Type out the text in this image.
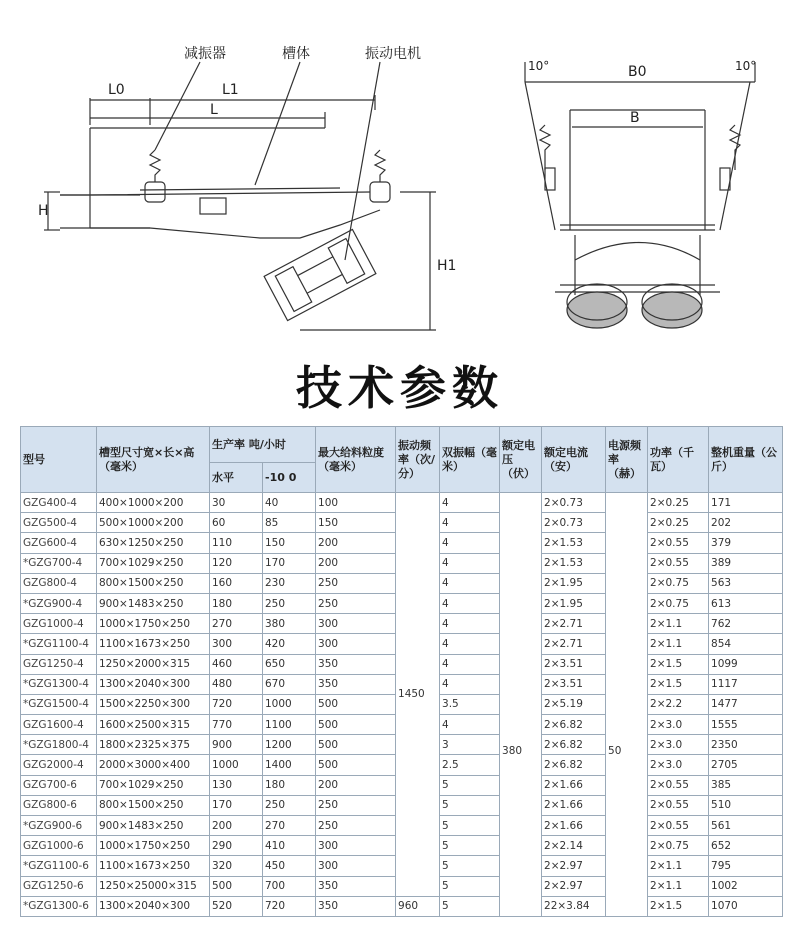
减振器	槽体	振动电机
L0	L1
L
H
H1
B0
B
10°	10°
技术参数
型号	槽型尺寸宽×长×高（毫米）	生产率 吨/小时		最大给料粒度（毫米）	振动频率（次/分）	双振幅（毫米）	额定电压（伏）	额定电流（安）	电源频率（赫）	功率（千瓦）	整机重量（公斤）
		水平	-10 0								
GZG400-4	400×1000×200	30	40	100	1450	4	380	2×0.73	50	2×0.25	171
GZG500-4	500×1000×200	60	85	150		4		2×0.73		2×0.25	202
GZG600-4	630×1250×250	110	150	200		4		2×1.53		2×0.55	379
*GZG700-4	700×1029×250	120	170	200		4		2×1.53		2×0.55	389
GZG800-4	800×1500×250	160	230	250		4		2×1.95		2×0.75	563
*GZG900-4	900×1483×250	180	250	250		4		2×1.95		2×0.75	613
GZG1000-4	1000×1750×250	270	380	300		4		2×2.71		2×1.1	762
*GZG1100-4	1100×1673×250	300	420	300		4		2×2.71		2×1.1	854
GZG1250-4	1250×2000×315	460	650	350		4		2×3.51		2×1.5	1099
*GZG1300-4	1300×2040×300	480	670	350		4		2×3.51		2×1.5	1117
*GZG1500-4	1500×2250×300	720	1000	500		3.5		2×5.19		2×2.2	1477
GZG1600-4	1600×2500×315	770	1100	500		4		2×6.82		2×3.0	1555
*GZG1800-4	1800×2325×375	900	1200	500		3		2×6.82		2×3.0	2350
GZG2000-4	2000×3000×400	1000	1400	500		2.5		2×6.82		2×3.0	2705
GZG700-6	700×1029×250	130	180	200		5		2×1.66		2×0.55	385
GZG800-6	800×1500×250	170	250	250		5		2×1.66		2×0.55	510
*GZG900-6	900×1483×250	200	270	250		5		2×1.66		2×0.55	561
GZG1000-6	1000×1750×250	290	410	300		5		2×2.14		2×0.75	652
*GZG1100-6	1100×1673×250	320	450	300		5		2×2.97		2×1.1	795
GZG1250-6	1250×25000×315	500	700	350		5		2×2.97		2×1.1	1002
*GZG1300-6	1300×2040×300	520	720	350	960	5		22×3.84		2×1.5	1070
